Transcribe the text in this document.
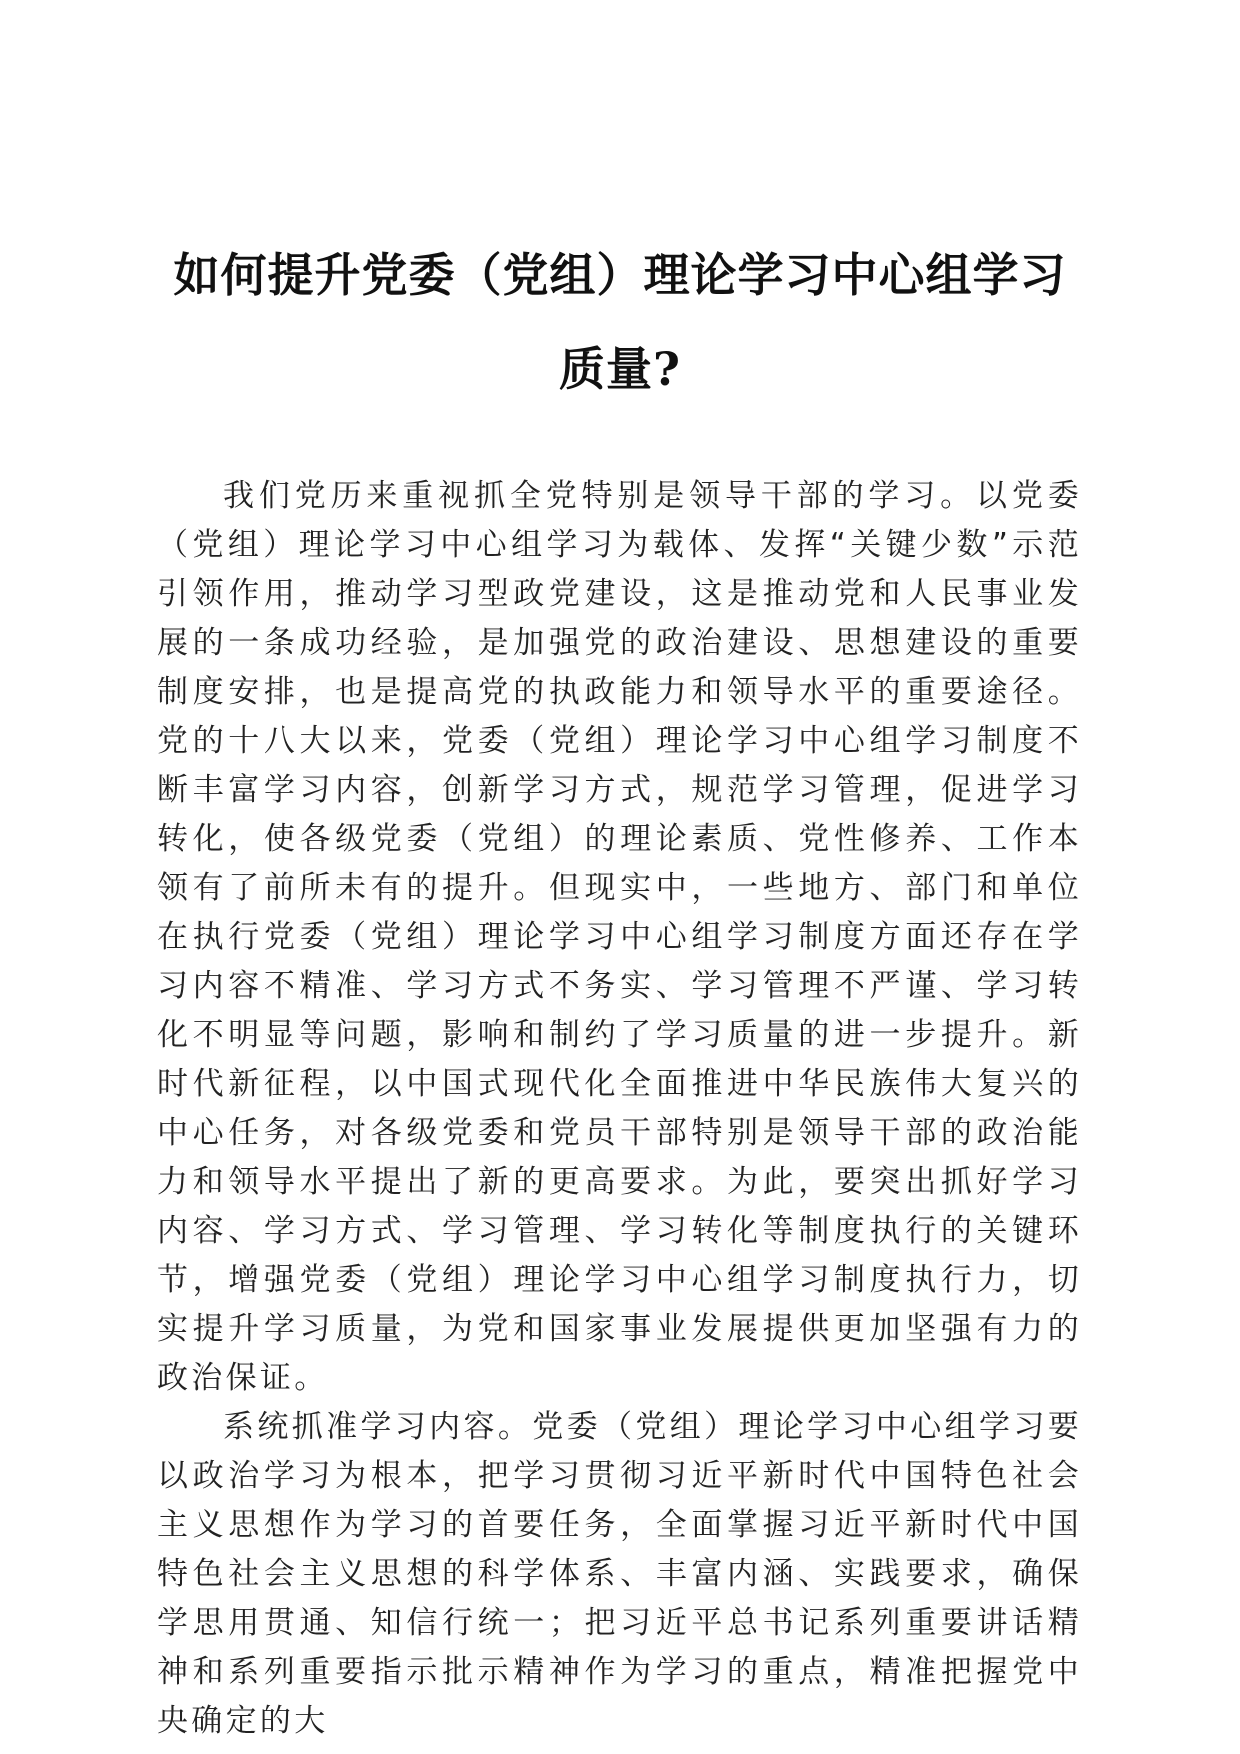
如何提升党委（党组）理论学习中心组学习质量?

我们党历来重视抓全党特别是领导干部的学习。以党委（党组）理论学习中心组学习为载体、发挥“关键少数”示范引领作用，推动学习型政党建设，这是推动党和人民事业发展的一条成功经验，是加强党的政治建设、思想建设的重要制度安排，也是提高党的执政能力和领导水平的重要途径。党的十八大以来，党委（党组）理论学习中心组学习制度不断丰富学习内容，创新学习方式，规范学习管理，促进学习转化，使各级党委（党组）的理论素质、党性修养、工作本领有了前所未有的提升。但现实中，一些地方、部门和单位在执行党委（党组）理论学习中心组学习制度方面还存在学习内容不精准、学习方式不务实、学习管理不严谨、学习转化不明显等问题，影响和制约了学习质量的进一步提升。新时代新征程，以中国式现代化全面推进中华民族伟大复兴的中心任务，对各级党委和党员干部特别是领导干部的政治能力和领导水平提出了新的更高要求。为此，要突出抓好学习内容、学习方式、学习管理、学习转化等制度执行的关键环节，增强党委（党组）理论学习中心组学习制度执行力，切实提升学习质量，为党和国家事业发展提供更加坚强有力的政治保证。

系统抓准学习内容。党委（党组）理论学习中心组学习要以政治学习为根本，把学习贯彻习近平新时代中国特色社会主义思想作为学习的首要任务，全面掌握习近平新时代中国特色社会主义思想的科学体系、丰富内涵、实践要求，确保学思用贯通、知信行统一；把习近平总书记系列重要讲话精神和系列重要指示批示精神作为学习的重点，精准把握党中央确定的大
